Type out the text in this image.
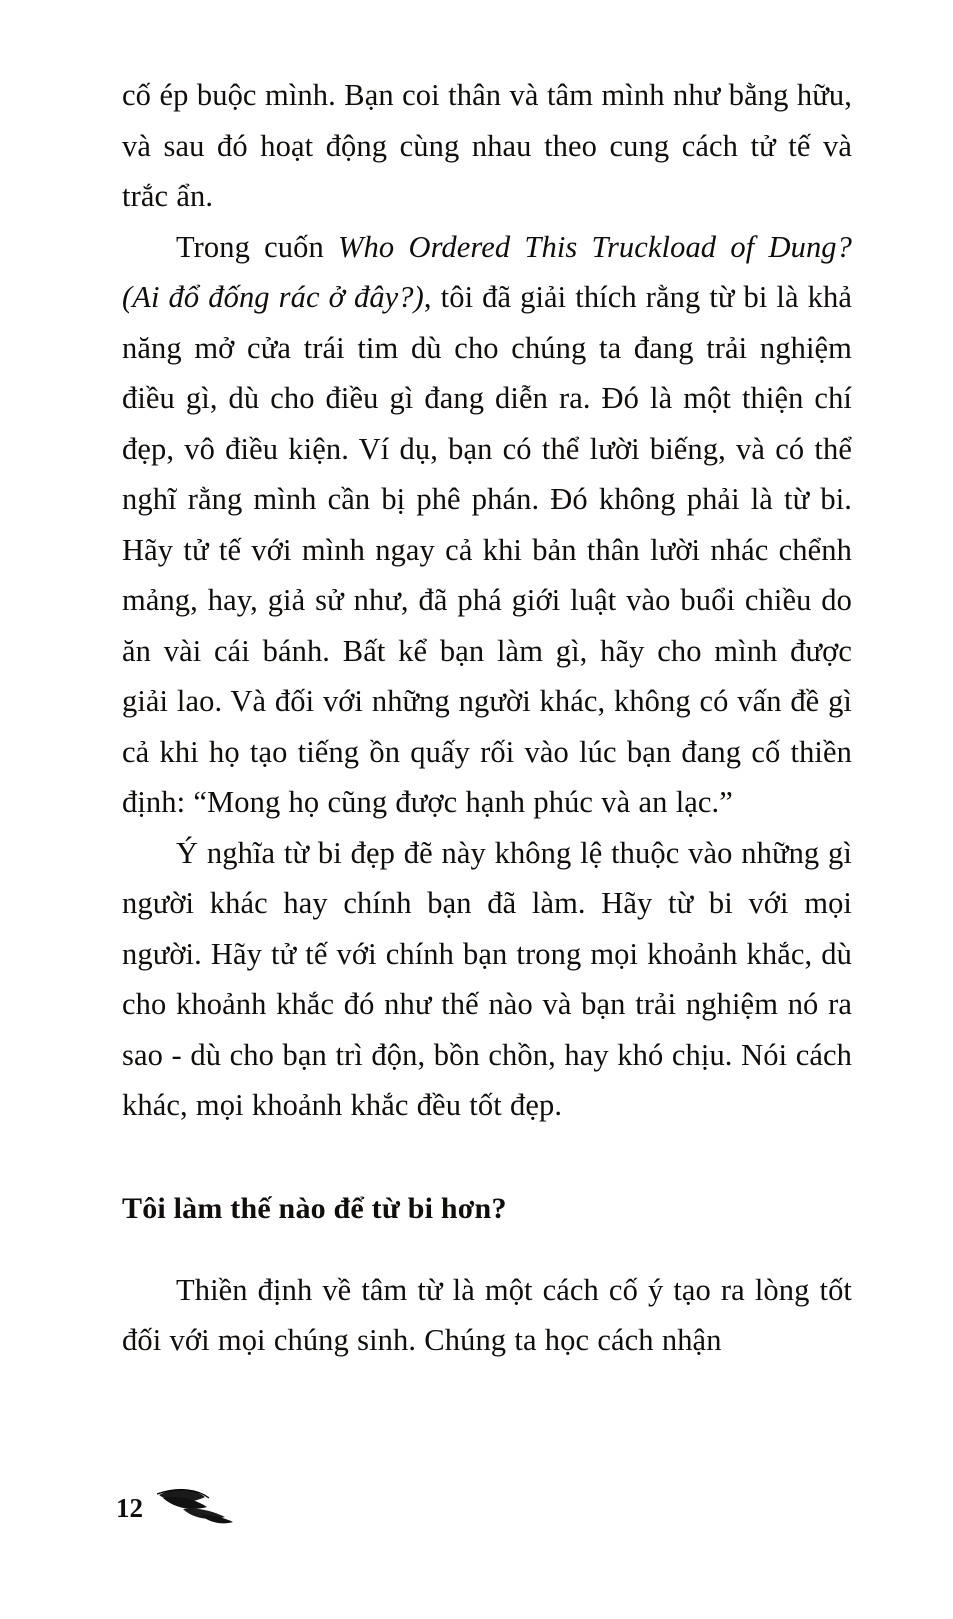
cố ép buộc mình. Bạn coi thân và tâm mình như bằng hữu, và sau đó hoạt động cùng nhau theo cung cách tử tế và trắc ẩn.

Trong cuốn Who Ordered This Truckload of Dung? (Ai đổ đống rác ở đây?), tôi đã giải thích rằng từ bi là khả năng mở cửa trái tim dù cho chúng ta đang trải nghiệm điều gì, dù cho điều gì đang diễn ra. Đó là một thiện chí đẹp, vô điều kiện. Ví dụ, bạn có thể lười biếng, và có thể nghĩ rằng mình cần bị phê phán. Đó không phải là từ bi. Hãy tử tế với mình ngay cả khi bản thân lười nhác chểnh mảng, hay, giả sử như, đã phá giới luật vào buổi chiều do ăn vài cái bánh. Bất kể bạn làm gì, hãy cho mình được giải lao. Và đối với những người khác, không có vấn đề gì cả khi họ tạo tiếng ồn quấy rối vào lúc bạn đang cố thiền định: “Mong họ cũng được hạnh phúc và an lạc.”

Ý nghĩa từ bi đẹp đẽ này không lệ thuộc vào những gì người khác hay chính bạn đã làm. Hãy từ bi với mọi người. Hãy tử tế với chính bạn trong mọi khoảnh khắc, dù cho khoảnh khắc đó như thế nào và bạn trải nghiệm nó ra sao - dù cho bạn trì độn, bồn chồn, hay khó chịu. Nói cách khác, mọi khoảnh khắc đều tốt đẹp.

Tôi làm thế nào để từ bi hơn?

Thiền định về tâm từ là một cách cố ý tạo ra lòng tốt đối với mọi chúng sinh. Chúng ta học cách nhận

12
